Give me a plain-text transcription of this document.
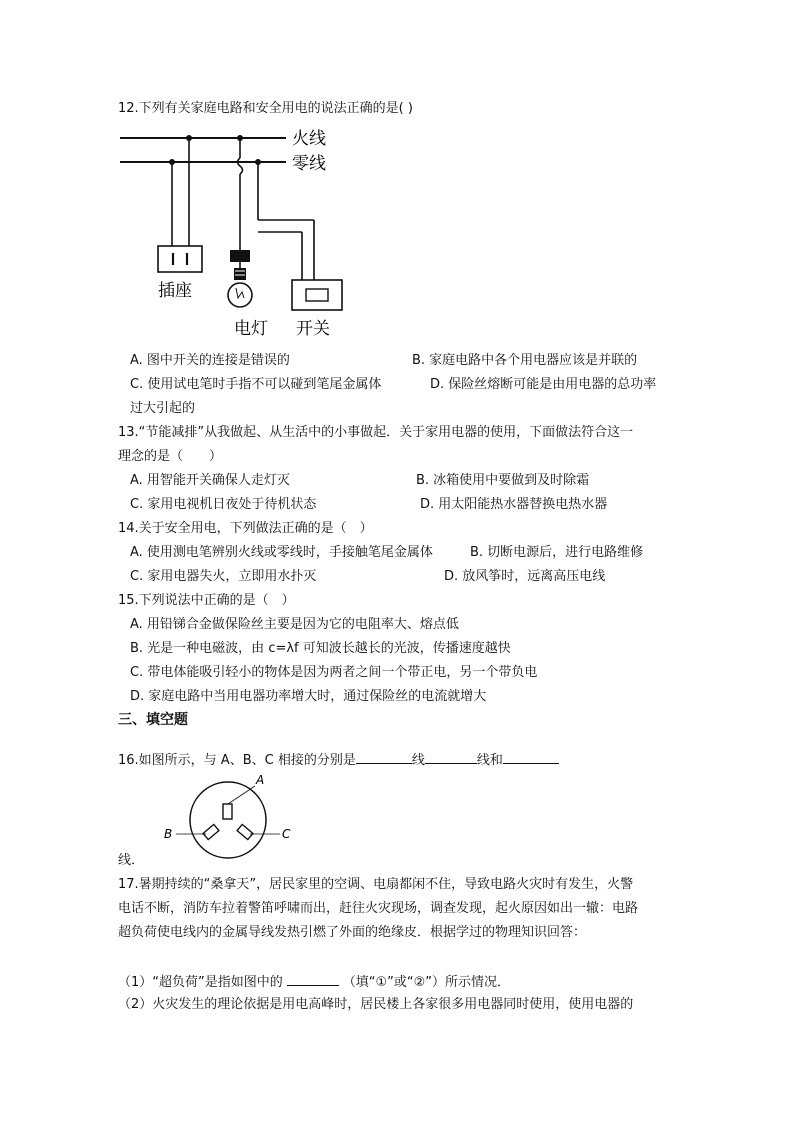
12.下列有关家庭电路和安全用电的说法正确的是( )
火线
零线
插座
电灯 开关
A. 图中开关的连接是错误的	B. 家庭电路中各个用电器应该是并联的
C. 使用试电笔时手指不可以碰到笔尾金属体	D. 保险丝熔断可能是由用电器的总功率
过大引起的
13.“节能减排”从我做起、从生活中的小事做起．关于家用电器的使用，下面做法符合这一
理念的是（　　）
A. 用智能开关确保人走灯灭	B. 冰箱使用中要做到及时除霜
C. 家用电视机日夜处于待机状态	D. 用太阳能热水器替换电热水器
14.关于安全用电，下列做法正确的是（　）
A. 使用测电笔辨别火线或零线时，手接触笔尾金属体	B. 切断电源后，进行电路维修
C. 家用电器失火，立即用水扑灭	D. 放风筝时，远离高压电线
15.下列说法中正确的是（　）
A. 用铅锑合金做保险丝主要是因为它的电阻率大、熔点低
B. 光是一种电磁波，由 c=λf 可知波长越长的光波，传播速度越快
C. 带电体能吸引轻小的物体是因为两者之间一个带正电，另一个带负电
D. 家庭电路中当用电器功率增大时，通过保险丝的电流就增大
三、填空题
16.如图所示，与 A、B、C 相接的分别是	线	线和
A
B	C
线．
17.暑期持续的“桑拿天”，居民家里的空调、电扇都闲不住，导致电路火灾时有发生，火警
电话不断，消防车拉着警笛呼啸而出，赶往火灾现场，调查发现，起火原因如出一辙：电路
超负荷使电线内的金属导线发热引燃了外面的绝缘皮．根据学过的物理知识回答：
（1）“超负荷”是指如图中的	（填“①”或“②”）所示情况．
（2）火灾发生的理论依据是用电高峰时，居民楼上各家很多用电器同时使用，使用电器的
